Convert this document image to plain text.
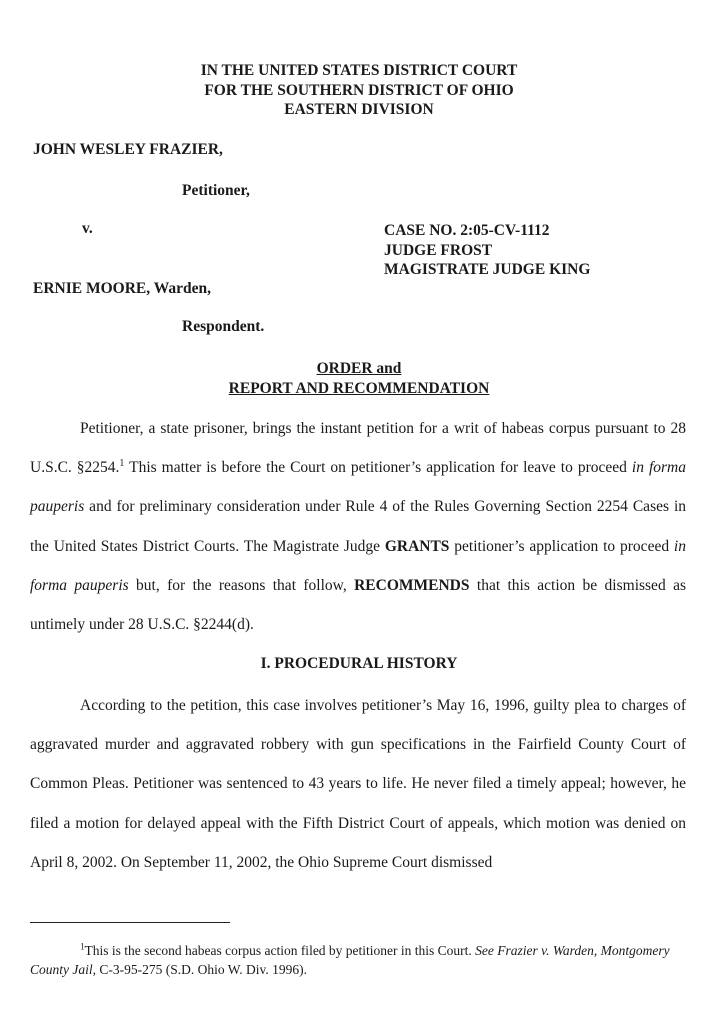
IN THE UNITED STATES DISTRICT COURT
FOR THE SOUTHERN DISTRICT OF OHIO
EASTERN DIVISION
JOHN WESLEY FRAZIER,
Petitioner,
v.
ERNIE MOORE, Warden,
Respondent.
CASE NO. 2:05-CV-1112
JUDGE FROST
MAGISTRATE JUDGE KING
ORDER and
REPORT AND RECOMMENDATION

Petitioner, a state prisoner, brings the instant petition for a writ of habeas corpus pursuant to 28 U.S.C. §2254.$^1$ This matter is before the Court on petitioner’s application for leave to proceed in forma pauperis and for preliminary consideration under Rule 4 of the Rules Governing Section 2254 Cases in the United States District Courts. The Magistrate Judge GRANTS petitioner’s application to proceed in forma pauperis but, for the reasons that follow, RECOMMENDS that this action be dismissed as untimely under 28 U.S.C. §2244(d).

I. PROCEDURAL HISTORY

According to the petition, this case involves petitioner’s May 16, 1996, guilty plea to charges of aggravated murder and aggravated robbery with gun specifications in the Fairfield County Court of Common Pleas. Petitioner was sentenced to 43 years to life. He never filed a timely appeal; however, he filed a motion for delayed appeal with the Fifth District Court of appeals, which motion was denied on April 8, 2002. On September 11, 2002, the Ohio Supreme Court dismissed

$^1$This is the second habeas corpus action filed by petitioner in this Court. See Frazier v. Warden, Montgomery County Jail, C-3-95-275 (S.D. Ohio W. Div. 1996).
